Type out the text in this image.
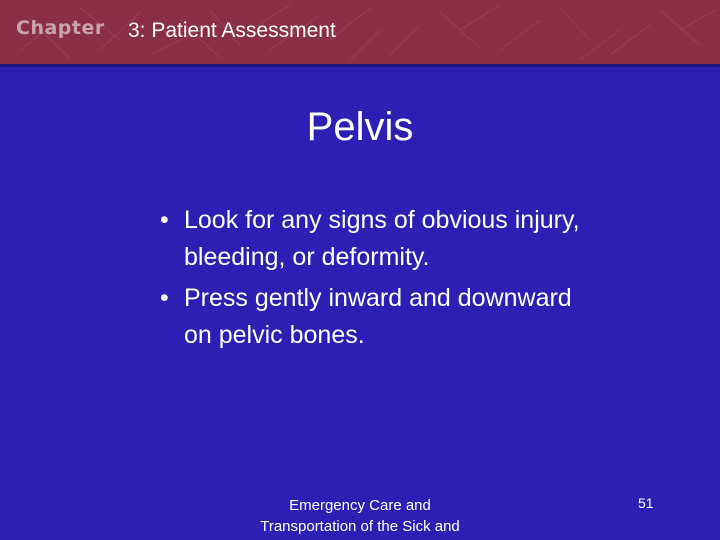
Chapter 3: Patient Assessment
Pelvis
• Look for any signs of obvious injury, bleeding, or deformity.
• Press gently inward and downward on pelvic bones.
Emergency Care and
Transportation of the Sick and
51
